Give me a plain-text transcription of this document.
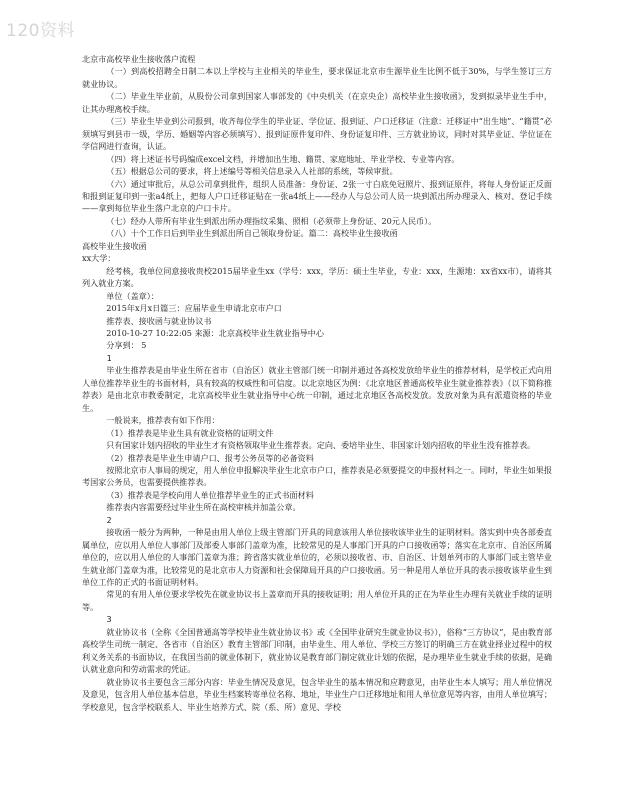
120资料

北京市高校毕业生接收落户流程

（一）到高校招聘全日制二本以上学校与主业相关的毕业生，要求保证北京市生源毕业生比例不低于30%，与学生签订三方就业协议。

（二）毕业生毕业前，从股份公司拿到国家人事部发的《中央机关（在京央企）高校毕业生接收函》，发到拟录毕业生手中，让其办理离校手续。

（三）毕业生毕业到公司报到，收齐每位学生的毕业证、学位证、报到证、户口迁移证（注意：迁移证中“出生地”、“籍贯”必须填写到县市一级，学历、婚姻等内容必须填写）、报到证原件复印件、身份证复印件、三方就业协议，同时对其毕业证、学位证在学信网进行查询，认证。

（四）将上述证书号码编成excel文档，并增加出生地、籍贯、家庭地址、毕业学校、专业等内容。

（五）根据总公司的要求，将上述编号等相关信息录入人社部的系统，等候审批。

（六）通过审批后，从总公司拿到批件，组织人员准备：身份证、2张一寸白底免冠照片、报到证原件，将每人身份证正反面和报到证复印到一张a4纸上，把每人户口迁移证贴在一张a4纸上——经办人与总公司人员一块到派出所办理录入、核对、登记手续——拿到每位毕业生落户北京的户口卡片。

（七）经办人带所有毕业生到派出所办理指纹采集、照相（必须带上身份证、20元人民币）。

（八）十个工作日后到毕业生到派出所自己领取身份证。篇二：高校毕业生接收函

高校毕业生接收函

xx大学：

经考核，我单位同意接收贵校2015届毕业生xx（学号：xxx，学历：硕士生毕业，专业：xxx，生源地：xx省xx市），请将其列入就业方案。

单位（盖章）：

2015年x月x日篇三：应届毕业生申请北京市户口

推荐表、接收函与就业协议书

2010-10-27 10:22:05 来源：北京高校毕业生就业指导中心

分享到： 5

1

毕业生推荐表是由毕业生所在省市（自治区）就业主管部门统一印制并通过各高校发放给毕业生的推荐材料，是学校正式向用人单位推荐毕业生的书面材料，具有较高的权威性和可信度。以北京地区为例：《北京地区普通高校毕业生就业推荐表》（以下简称推荐表）是由北京市教委制定，北京高校毕业生就业指导中心统一印制，通过北京地区各高校发放。发放对象为具有派遣资格的毕业生。

一般说来，推荐表有如下作用：

（1）推荐表是毕业生具有就业资格的证明文件

只有国家计划内招收的毕业生才有资格领取毕业生推荐表。定向、委培毕业生、非国家计划内招收的毕业生没有推荐表。

（2）推荐表是毕业生申请户口、报考公务员等的必备资料

按照北京市人事局的规定，用人单位申报解决毕业生北京市户口，推荐表是必须要提交的申报材料之一。同时，毕业生如果报考国家公务员，也需要提供推荐表。

（3）推荐表是学校向用人单位推荐毕业生的正式书面材料

推荐表内容需要经过毕业生所在高校审核并加盖公章。

2

接收函一般分为两种，一种是由用人单位上级主管部门开具的同意该用人单位接收该毕业生的证明材料。落实到中央各部委直属单位，应以用人单位人事部门及部委人事部门盖章为准，比较常见的是人事部门开具的户口接收函等；落实在北京市、自治区所属单位的，应以用人单位的人事部门盖章为准；跨省落实就业单位的，必须以接收省、市、自治区、计划单列市的人事部门或主管毕业生就业部门盖章为准，比较常见的是北京市人力资源和社会保障局开具的户口接收函。另一种是用人单位开具的表示接收该毕业生到单位工作的正式的书面证明材料。

常见的有用人单位要求学校先在就业协议书上盖章而开具的接收证明；用人单位开具的正在为毕业生办理有关就业手续的证明等。

3

就业协议书（全称《全国普通高等学校毕业生就业协议书》或《全国毕业研究生就业协议书》），俗称“三方协议”，是由教育部高校学生司统一制定、各省市（自治区）教育主管部门印制，由毕业生、用人单位、学校三方签订的明确三方在就业择业过程中的权利义务关系的书面协议，在我国当前的就业体制下，就业协议是教育部门制定就业计划的依据，是办理毕业生就业手续的依据，是确认就业意向和劳动需求的凭证。

就业协议书主要包含三部分内容：毕业生情况及意见，包含毕业生的基本情况和应聘意见，由毕业生本人填写；用人单位情况及意见，包含用人单位基本信息，毕业生档案转寄单位名称、地址，毕业生户口迁移地址和用人单位意见等内容，由用人单位填写；学校意见，包含学校联系人、毕业生培养方式、院（系、所）意见、学校
